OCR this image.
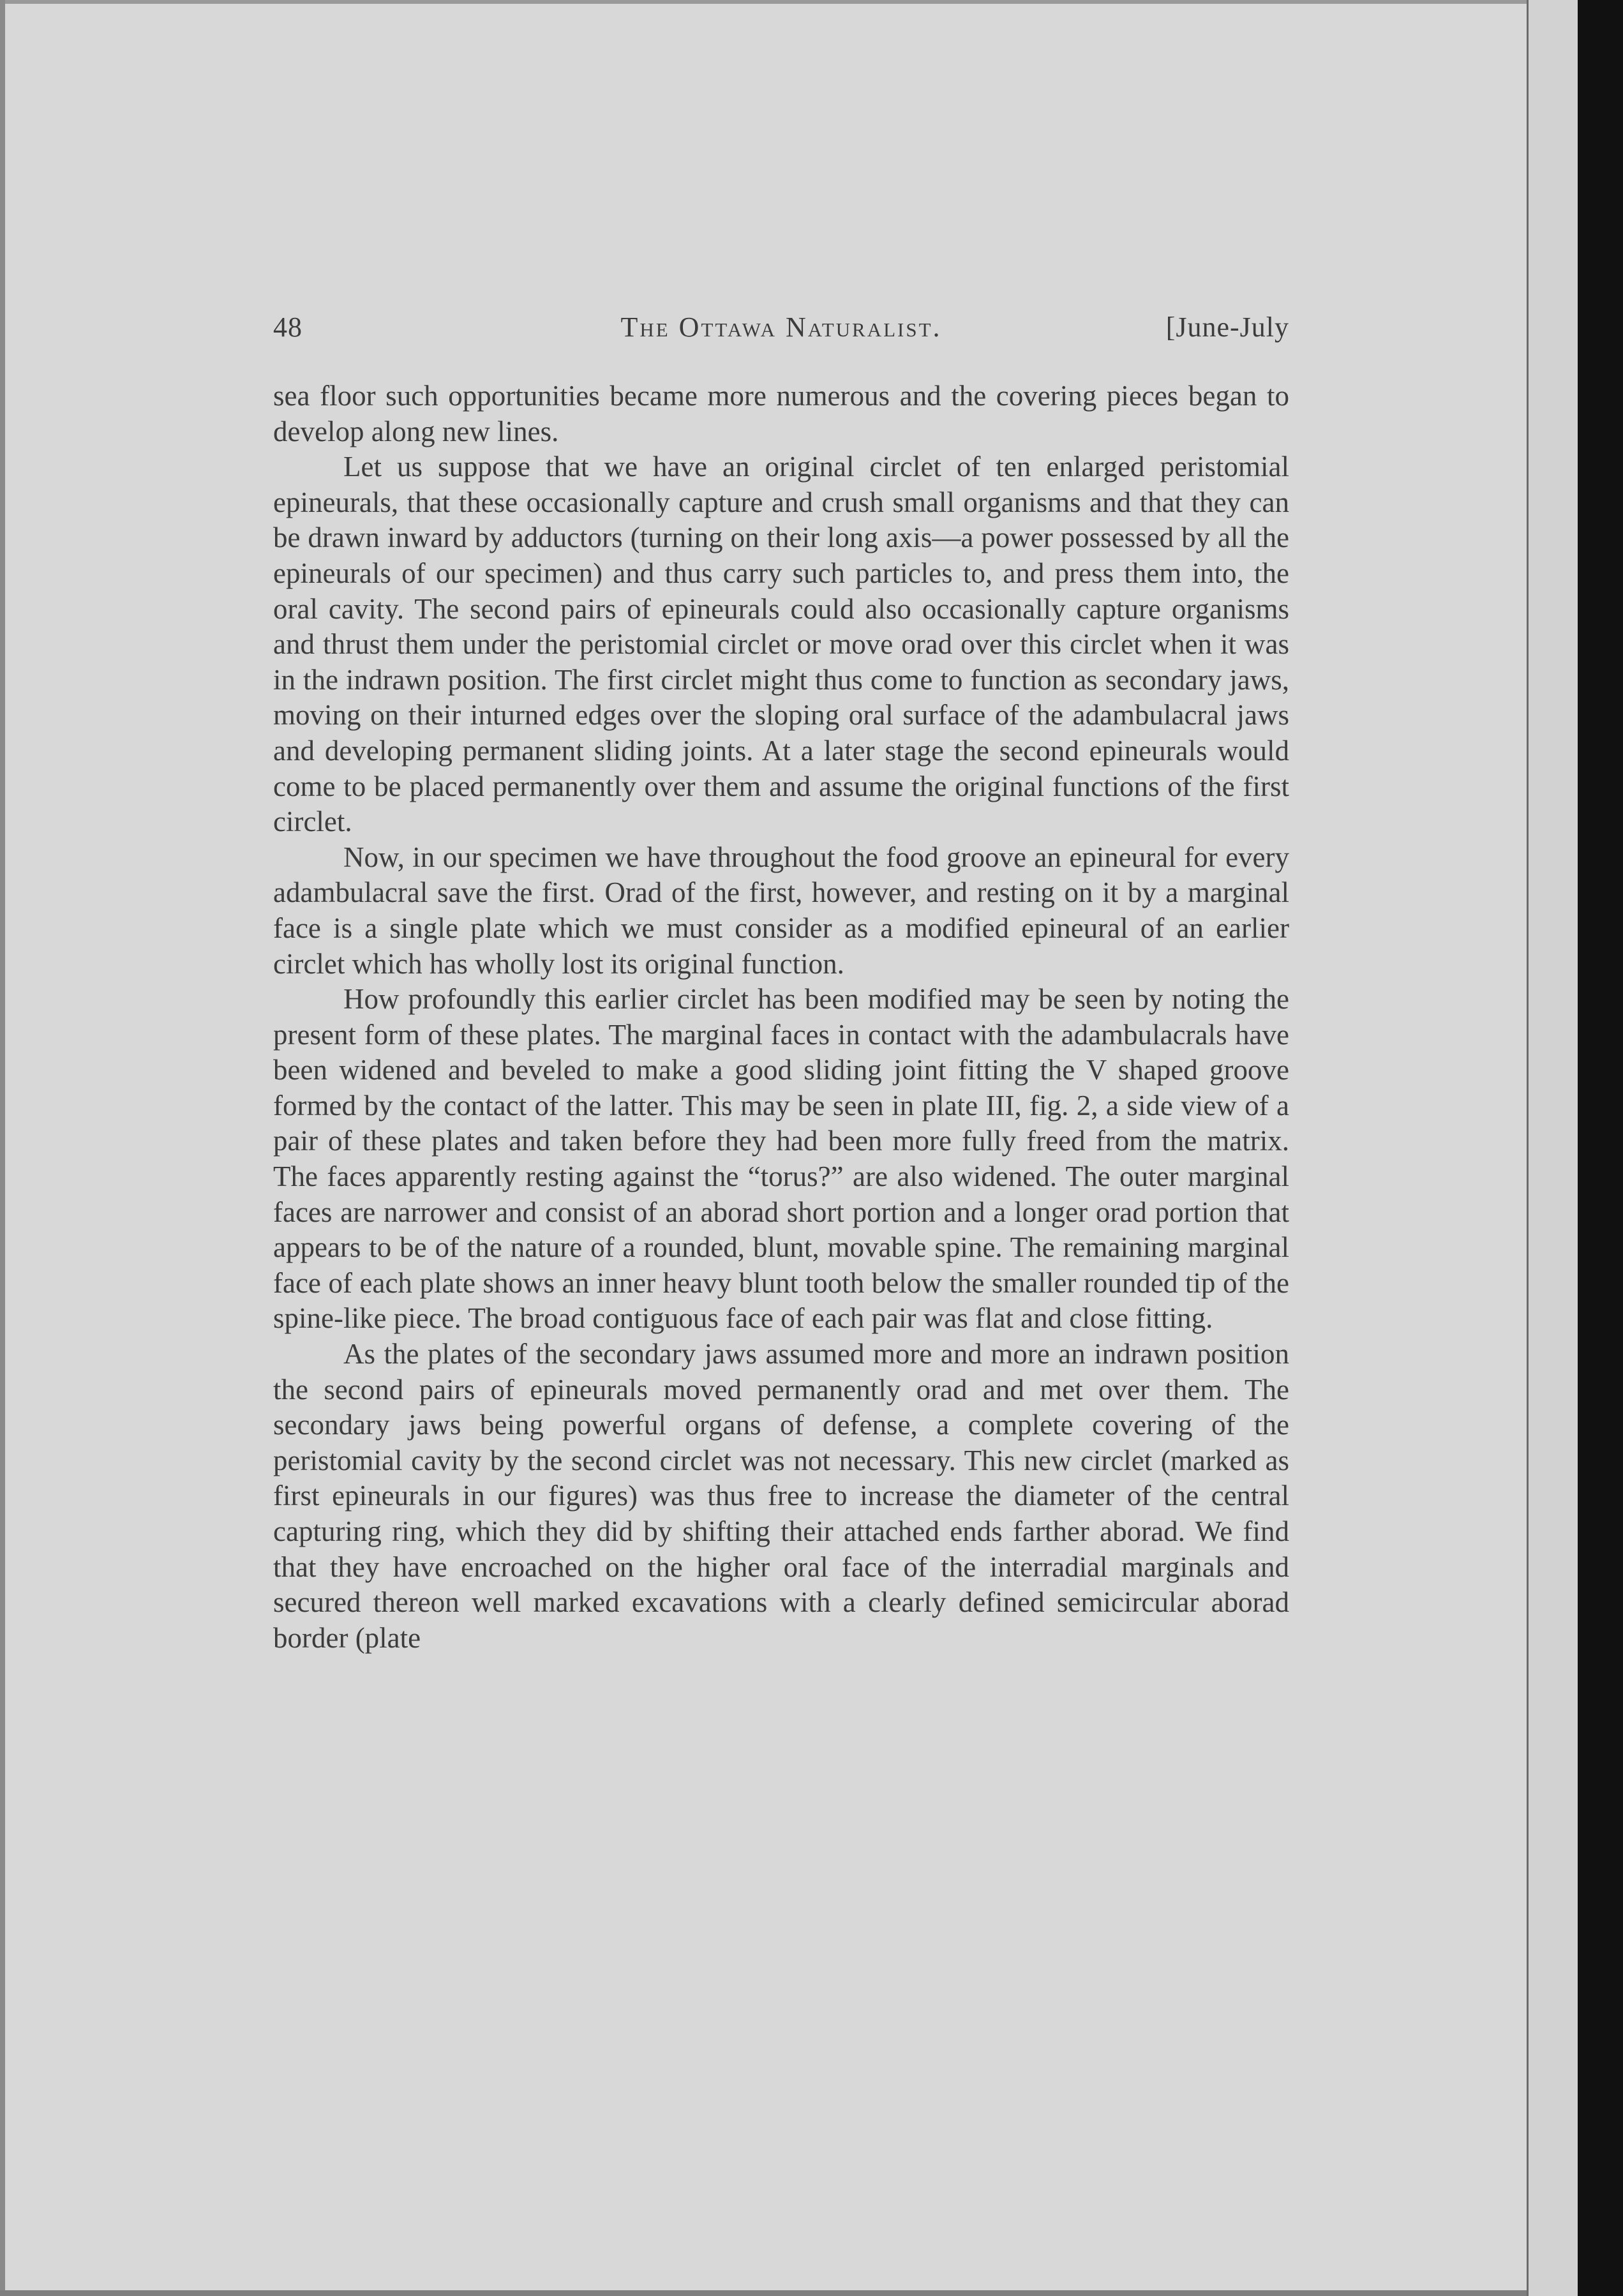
48	The Ottawa Naturalist.	[June-July

sea floor such opportunities became more numerous and the covering pieces began to develop along new lines.

Let us suppose that we have an original circlet of ten enlarged peristomial epineurals, that these occasionally capture and crush small organisms and that they can be drawn inward by adductors (turning on their long axis—a power possessed by all the epineurals of our specimen) and thus carry such particles to, and press them into, the oral cavity. The second pairs of epineurals could also occasionally capture organisms and thrust them under the peristomial circlet or move orad over this circlet when it was in the indrawn position. The first circlet might thus come to function as secondary jaws, moving on their inturned edges over the sloping oral surface of the adambulacral jaws and developing permanent sliding joints. At a later stage the second epineurals would come to be placed permanently over them and assume the original functions of the first circlet.

Now, in our specimen we have throughout the food groove an epineural for every adambulacral save the first. Orad of the first, however, and resting on it by a marginal face is a single plate which we must consider as a modified epineural of an earlier circlet which has wholly lost its original function.

How profoundly this earlier circlet has been modified may be seen by noting the present form of these plates. The marginal faces in contact with the adambulacrals have been widened and beveled to make a good sliding joint fitting the V shaped groove formed by the contact of the latter. This may be seen in plate III, fig. 2, a side view of a pair of these plates and taken before they had been more fully freed from the matrix. The faces apparently resting against the “torus?” are also widened. The outer marginal faces are narrower and consist of an aborad short portion and a longer orad portion that appears to be of the nature of a rounded, blunt, movable spine. The remaining marginal face of each plate shows an inner heavy blunt tooth below the smaller rounded tip of the spine-like piece. The broad contiguous face of each pair was flat and close fitting.

As the plates of the secondary jaws assumed more and more an indrawn position the second pairs of epineurals moved permanently orad and met over them. The secondary jaws being powerful organs of defense, a complete covering of the peristomial cavity by the second circlet was not necessary. This new circlet (marked as first epineurals in our figures) was thus free to increase the diameter of the central capturing ring, which they did by shifting their attached ends farther aborad. We find that they have encroached on the higher oral face of the interradial marginals and secured thereon well marked excavations with a clearly defined semicircular aborad border (plate
